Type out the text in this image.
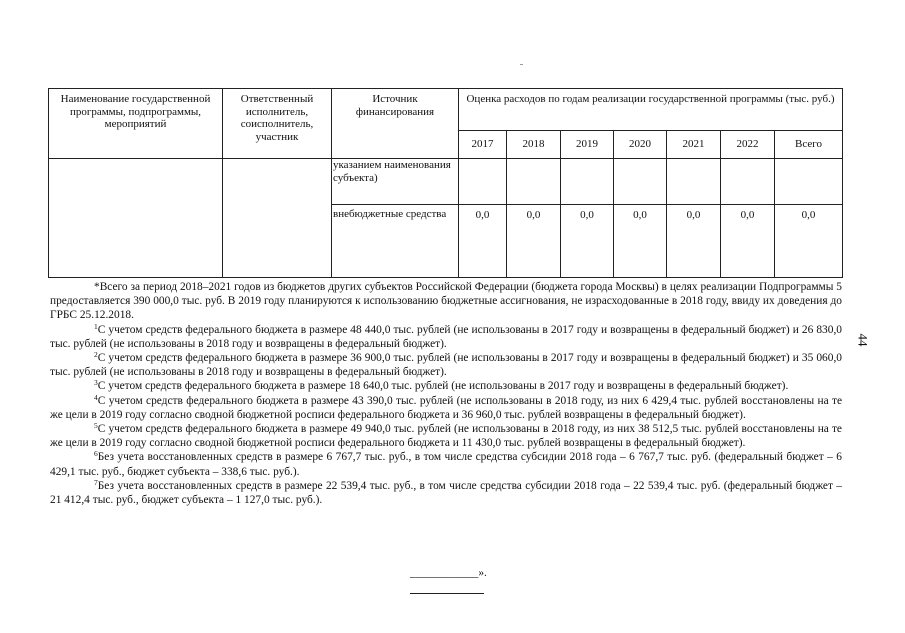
Наименование государственной программы, подпрограммы, мероприятий	Ответственный исполнитель, соисполнитель, участник	Источник финансирования	Оценка расходов по годам реализации государственной программы (тыс. руб.)						
			2017	2018	2019	2020	2021	2022	Всего
		указанием наименования субъекта)							
		внебюджетные средства	0,0	0,0	0,0	0,0	0,0	0,0	0,0

*Всего за период 2018–2021 годов из бюджетов других субъектов Российской Федерации (бюджета города Москвы) в целях реализации Подпрограммы 5 предоставляется 390 000,0 тыс. руб. В 2019 году планируются к использованию бюджетные ассигнования, не израсходованные в 2018 году, ввиду их доведения до ГРБС 25.12.2018.

$^1$С учетом средств федерального бюджета в размере 48 440,0 тыс. рублей (не использованы в 2017 году и возвращены в федеральный бюджет) и 26 830,0 тыс. рублей (не использованы в 2018 году и возвращены в федеральный бюджет).

$^2$С учетом средств федерального бюджета в размере 36 900,0 тыс. рублей (не использованы в 2017 году и возвращены в федеральный бюджет) и 35 060,0 тыс. рублей (не использованы в 2018 году и возвращены в федеральный бюджет).

$^3$С учетом средств федерального бюджета в размере 18 640,0 тыс. рублей (не использованы в 2017 году и возвращены в федеральный бюджет).

$^4$С учетом средств федерального бюджета в размере 43 390,0 тыс. рублей (не использованы в 2018 году, из них 6 429,4 тыс. рублей восстановлены на те же цели в 2019 году согласно сводной бюджетной росписи федерального бюджета и 36 960,0 тыс. рублей возвращены в федеральный бюджет).

$^5$С учетом средств федерального бюджета в размере 49 940,0 тыс. рублей (не использованы в 2018 году, из них 38 512,5 тыс. рублей восстановлены на те же цели в 2019 году согласно сводной бюджетной росписи федерального бюджета и 11 430,0 тыс. рублей возвращены в федеральный бюджет).

$^6$Без учета восстановленных средств в размере 6 767,7 тыс. руб., в том числе средства субсидии 2018 года – 6 767,7 тыс. руб. (федеральный бюджет – 6 429,1 тыс. руб., бюджет субъекта – 338,6 тыс. руб.).

$^7$Без учета восстановленных средств в размере 22 539,4 тыс. руб., в том числе средства субсидии 2018 года – 22 539,4 тыс. руб. (федеральный бюджет – 21 412,4 тыс. руб., бюджет субъекта – 1 127,0 тыс. руб.).

____________».
44
